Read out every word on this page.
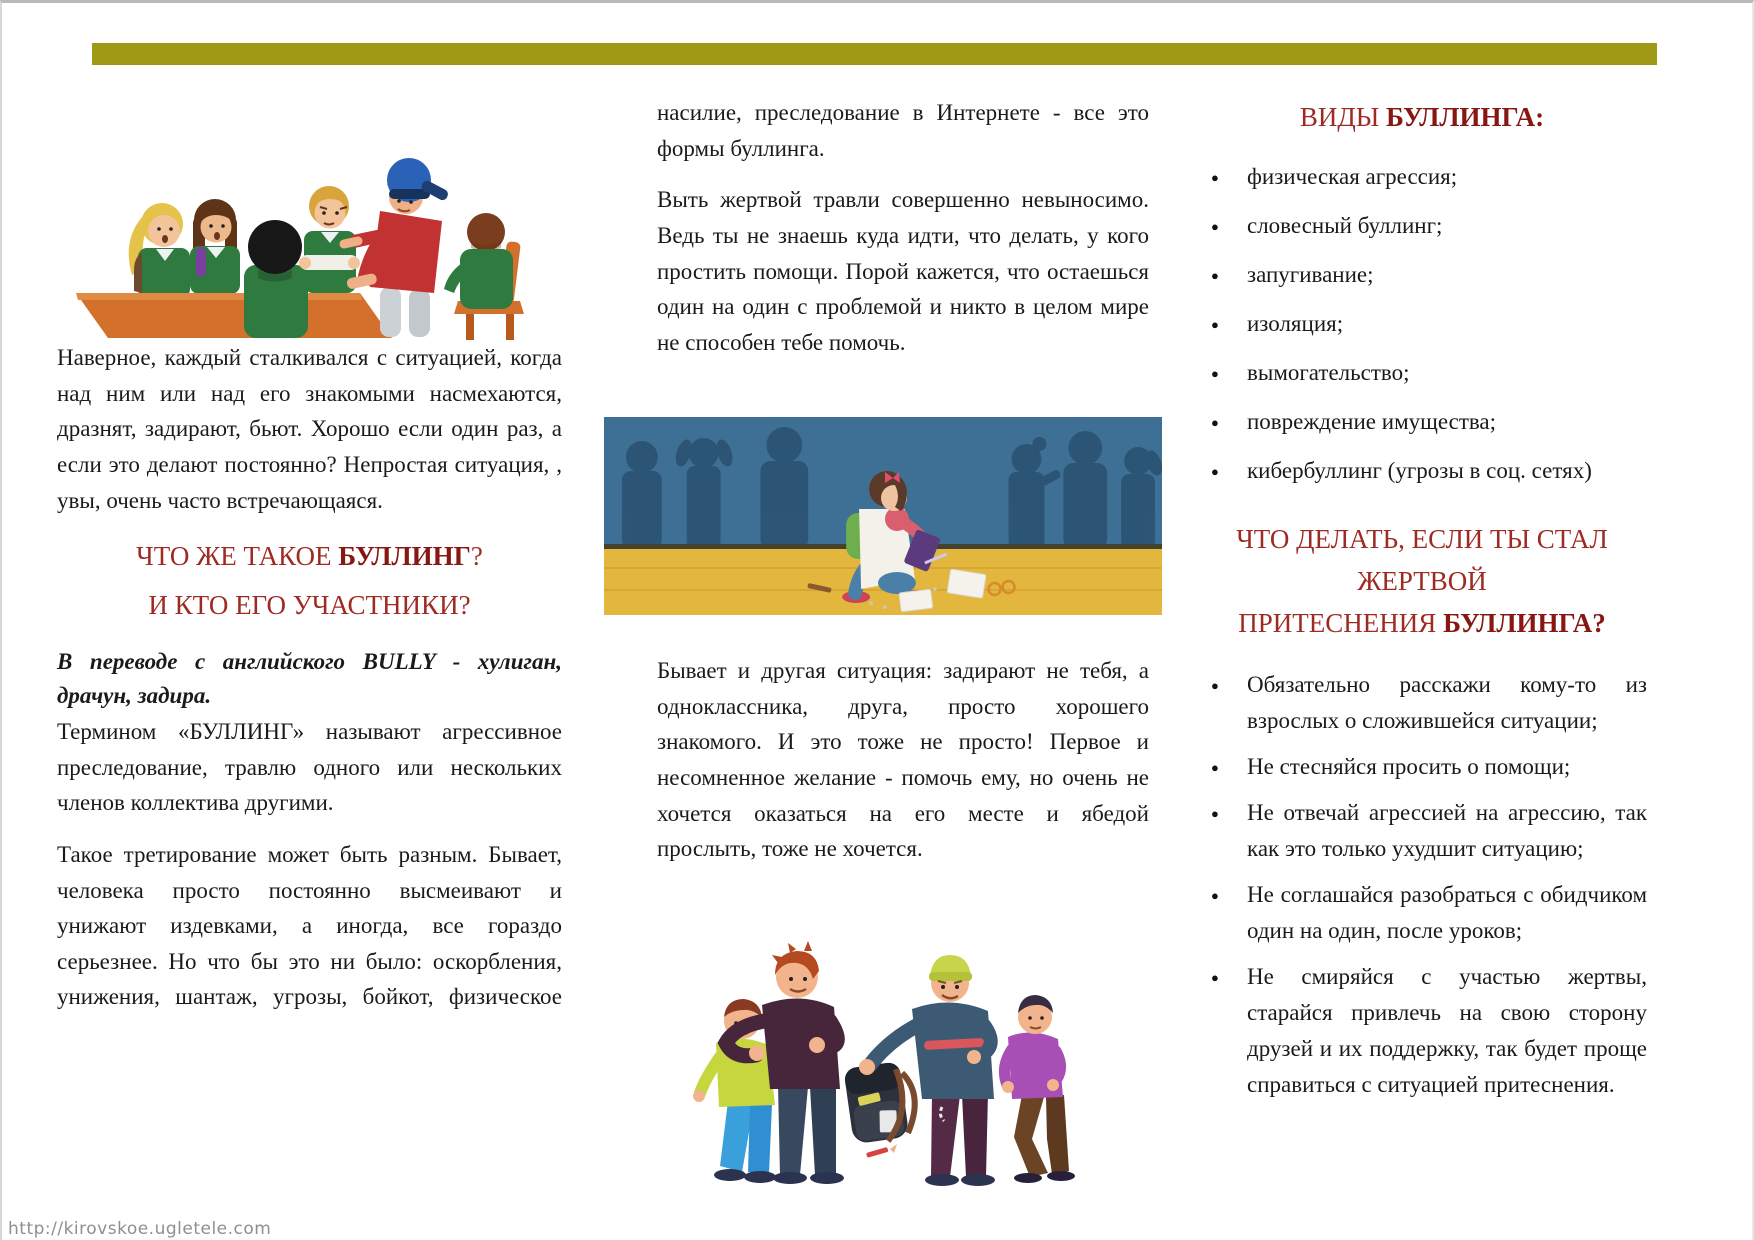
Наверное, каждый сталкивался с ситуацией, когда над ним или над его знакомыми насмехаются, дразнят, задирают, бьют. Хорошо если один раз, а если это делают постоянно? Непростая ситуация, , увы, очень часто встречающаяся.

ЧТО ЖЕ ТАКОЕ БУЛЛИНГ?
И КТО ЕГО УЧАСТНИКИ?

В переводе с английского BULLY - хулиган, драчун, задира.

Термином «БУЛЛИНГ» называют агрессивное преследование, травлю одного или нескольких членов коллектива другими.

Такое третирование может быть разным. Бывает, человека просто постоянно высмеивают и унижают издевками, а иногда, все гораздо серьезнее. Но что бы это ни было: оскорбления, унижения, шантаж, угрозы, бойкот, физическое

насилие, преследование в Интернете - все это формы буллинга.

Выть жертвой травли совершенно невыносимо. Ведь ты не знаешь куда идти, что делать, у кого простить помощи. Порой кажется, что остаешься один на один с проблемой и никто в целом мире не способен тебе помочь.

Бывает и другая ситуация: задирают не тебя, а одноклассника, друга, просто хорошего знакомого. И это тоже не просто! Первое и несомненное желание - помочь ему, но очень не хочется оказаться на его месте и ябедой прослыть, тоже не хочется.

ВИДЫ БУЛЛИНГА:
● физическая агрессия;
● словесный буллинг;
● запугивание;
● изоляция;
● вымогательство;
● повреждение имущества;
● кибербуллинг (угрозы в соц. сетях)
ЧТО ДЕЛАТЬ, ЕСЛИ ТЫ СТАЛ ЖЕРТВОЙ
ПРИТЕСНЕНИЯ БУЛЛИНГА?
● Обязательно расскажи кому-то из взрослых о сложившейся ситуации;
● Не стесняйся просить о помощи;
● Не отвечай агрессией на агрессию, так как это только ухудшит ситуацию;
● Не соглашайся разобраться с обидчиком один на один, после уроков;
● Не смиряйся с участью жертвы, старайся привлечь на свою сторону друзей и их поддержку, так будет проще справиться с ситуацией притеснения.
http://kirovskoe.ugletele.com
